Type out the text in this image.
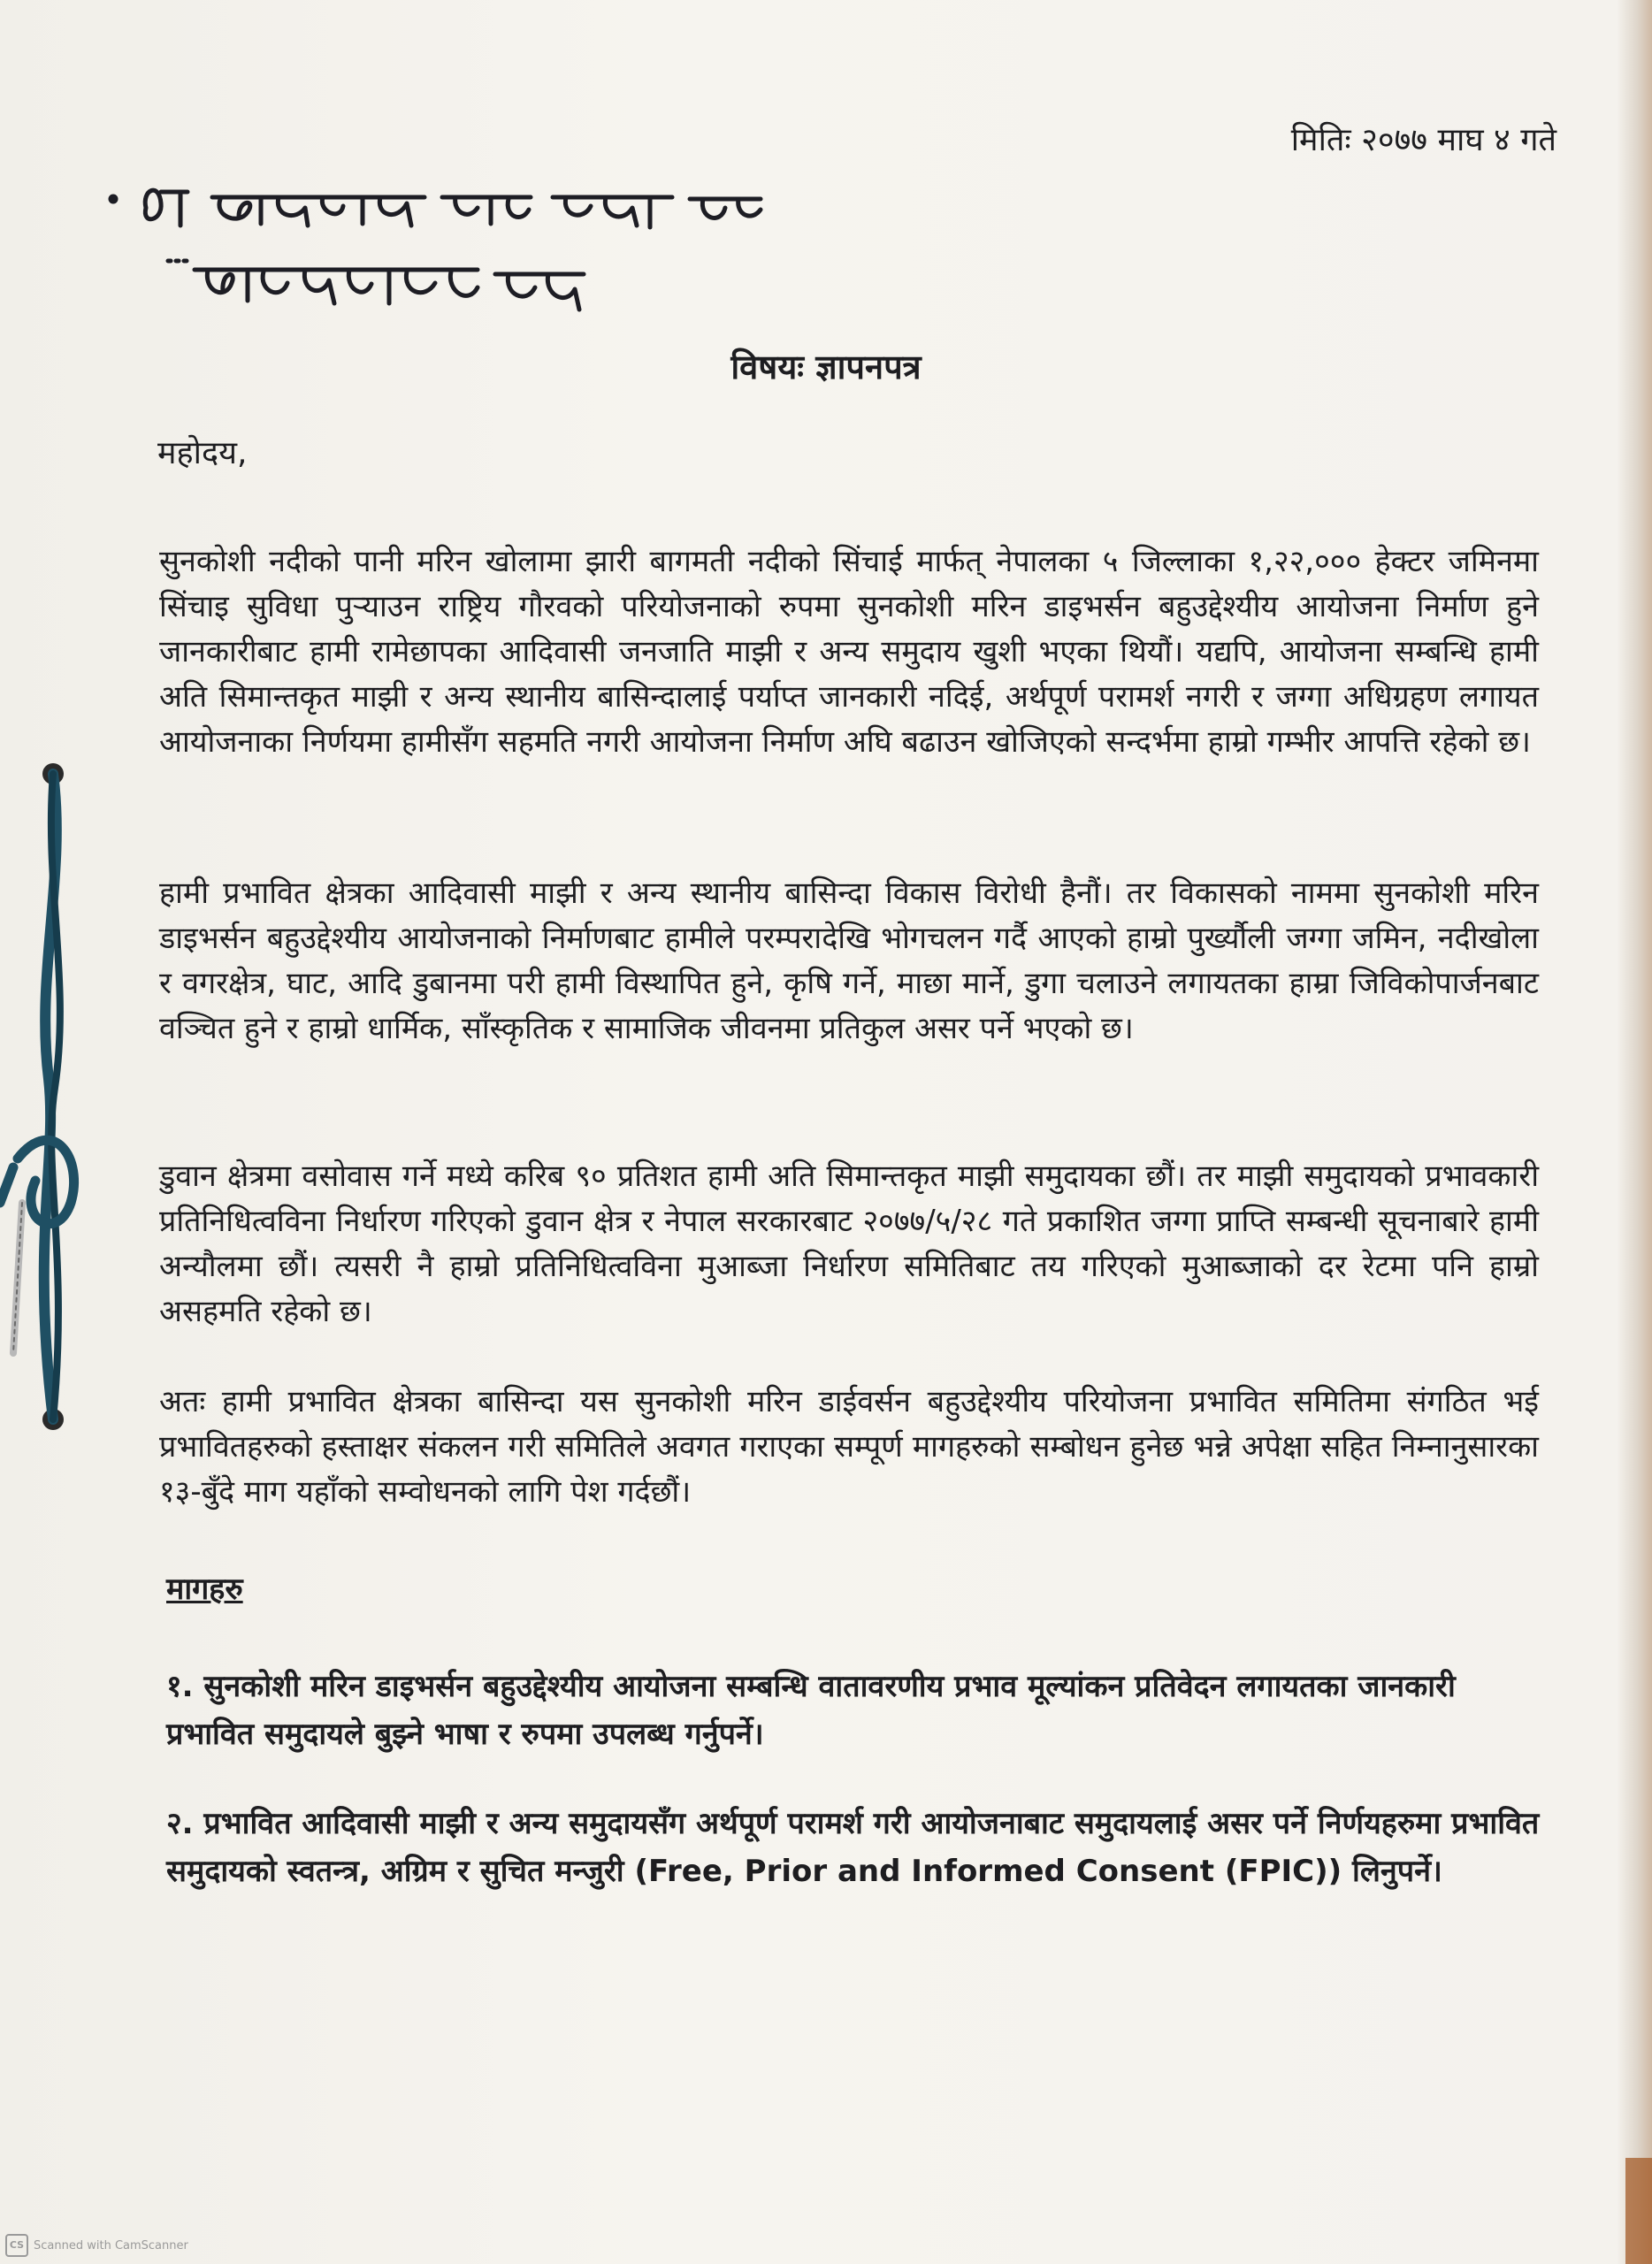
मितिः २०७७ माघ ४ गते
विषयः ज्ञापनपत्र
महोदय,
सुनकोशी नदीको पानी मरिन खोलामा झारी बागमती नदीको सिंचाई मार्फत् नेपालका ५ जिल्लाका १,२२,००० हेक्टर जमिनमा सिंचाइ सुविधा पुऱ्याउन राष्ट्रिय गौरवको परियोजनाको रुपमा सुनकोशी मरिन डाइभर्सन बहुउद्देश्यीय आयोजना निर्माण हुने जानकारीबाट हामी रामेछापका आदिवासी जनजाति माझी र अन्य समुदाय खुशी भएका थियौं। यद्यपि, आयोजना सम्बन्धि हामी अति सिमान्तकृत माझी र अन्य स्थानीय बासिन्दालाई पर्याप्त जानकारी नदिई, अर्थपूर्ण परामर्श नगरी र जग्गा अधिग्रहण लगायत आयोजनाका निर्णयमा हामीसँग सहमति नगरी आयोजना निर्माण अघि बढाउन खोजिएको सन्दर्भमा हाम्रो गम्भीर आपत्ति रहेको छ।
हामी प्रभावित क्षेत्रका आदिवासी माझी र अन्य स्थानीय बासिन्दा विकास विरोधी हैनौं। तर विकासको नाममा सुनकोशी मरिन डाइभर्सन बहुउद्देश्यीय आयोजनाको निर्माणबाट हामीले परम्परादेखि भोगचलन गर्दै आएको हाम्रो पुर्ख्यौली जग्गा जमिन, नदीखोला र वगरक्षेत्र, घाट, आदि डुबानमा परी हामी विस्थापित हुने, कृषि गर्ने, माछा मार्ने, डुगा चलाउने लगायतका हाम्रा जिविकोपार्जनबाट वञ्चित हुने र हाम्रो धार्मिक, साँस्कृतिक र सामाजिक जीवनमा प्रतिकुल असर पर्ने भएको छ।
डुवान क्षेत्रमा वसोवास गर्ने मध्ये करिब ९० प्रतिशत हामी अति सिमान्तकृत माझी समुदायका छौं। तर माझी समुदायको प्रभावकारी प्रतिनिधित्वविना निर्धारण गरिएको डुवान क्षेत्र र नेपाल सरकारबाट २०७७/५/२८ गते प्रकाशित जग्गा प्राप्ति सम्बन्धी सूचनाबारे हामी अन्यौलमा छौं। त्यसरी नै हाम्रो प्रतिनिधित्वविना मुआब्जा निर्धारण समितिबाट तय गरिएको मुआब्जाको दर रेटमा पनि हाम्रो असहमति रहेको छ।
अतः हामी प्रभावित क्षेत्रका बासिन्दा यस सुनकोशी मरिन डाईवर्सन बहुउद्देश्यीय परियोजना प्रभावित समितिमा संगठित भई प्रभावितहरुको हस्ताक्षर संकलन गरी समितिले अवगत गराएका सम्पूर्ण मागहरुको सम्बोधन हुनेछ भन्ने अपेक्षा सहित निम्नानुसारका १३-बुँदे माग यहाँको सम्वोधनको लागि पेश गर्दछौं।
मागहरु
१. सुनकोशी मरिन डाइभर्सन बहुउद्देश्यीय आयोजना सम्बन्धि वातावरणीय प्रभाव मूल्यांकन प्रतिवेदन लगायतका जानकारी प्रभावित समुदायले बुझ्ने भाषा र रुपमा उपलब्ध गर्नुपर्ने।
२. प्रभावित आदिवासी माझी र अन्य समुदायसँग अर्थपूर्ण परामर्श गरी आयोजनाबाट समुदायलाई असर पर्ने निर्णयहरुमा प्रभावित समुदायको स्वतन्त्र, अग्रिम र सुचित मन्जुरी (Free, Prior and Informed Consent (FPIC)) लिनुपर्ने।
CS Scanned with CamScanner
